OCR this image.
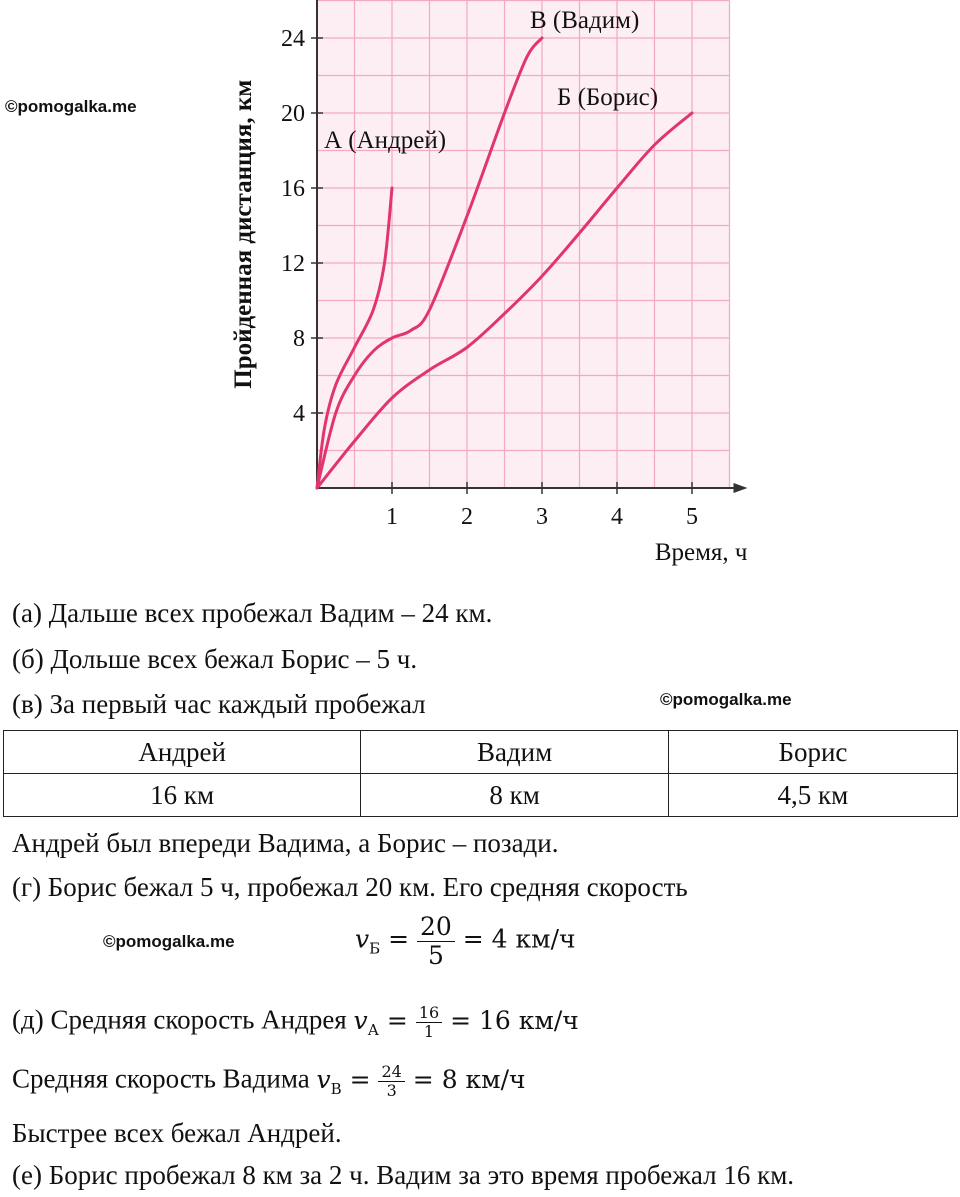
1	2	3	4	5
4
8
12
16
20
24
Время, ч
Пройденная дистанция, км	А (Андрей)
В (Вадим)
Б (Борис)
©pomogalka.me
©pomogalka.me
©pomogalka.me
(а) Дальше всех пробежал Вадим – 24 км.
(б) Дольше всех бежал Борис – 5 ч.
(в) За первый час каждый пробежал
Андрей	Вадим	Борис
16 км	8 км	4,5 км
Андрей был впереди Вадима, а Борис – позади.
(г) Борис бежал 5 ч, пробежал 20 км. Его средняя скорость
$v_Б = \frac{20}{5} = 4$ км/ч
(д) Средняя скорость Андрея $v_А = \frac{16}{1} = 16$ км/ч
Средняя скорость Вадима $v_В = \frac{24}{3} = 8$ км/ч
Быстрее всех бежал Андрей.
(е) Борис пробежал 8 км за 2 ч. Вадим за это время пробежал 16 км.
